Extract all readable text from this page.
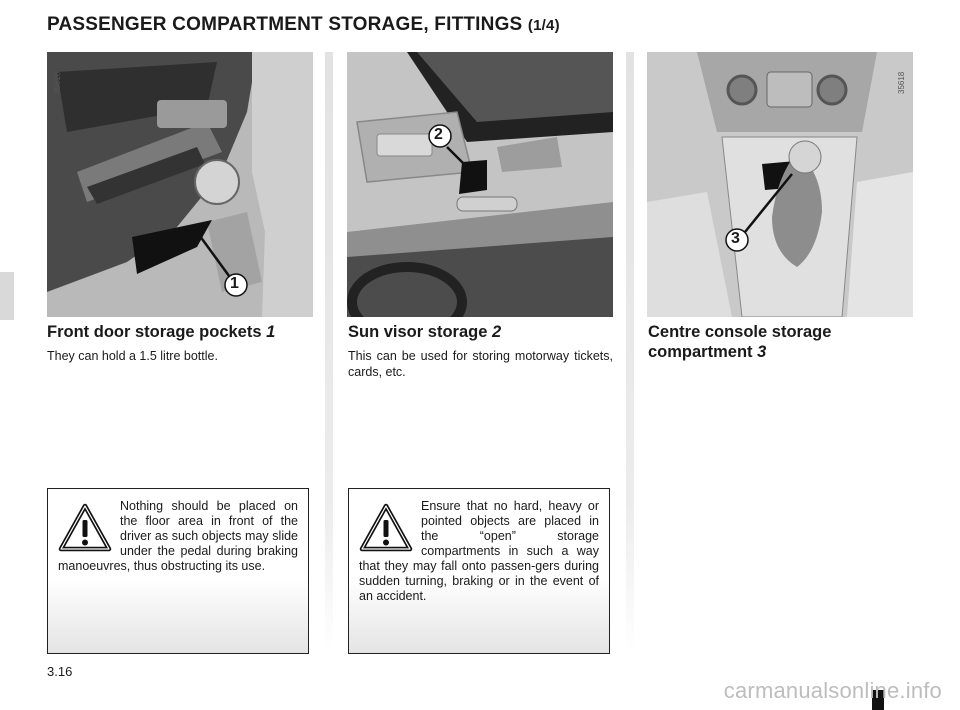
PASSENGER COMPARTMENT STORAGE, FITTINGS (1/4)
1
35616
2
35617
3
35618
Front door storage pockets 1

They can hold a 1.5 litre bottle.

Sun visor storage 2

This can be used for storing motorway tickets, cards, etc.

Centre console storage compartment 3

Nothing should be placed on the floor area in front of the driver as such objects may slide under the pedal during braking manoeuvres, thus obstructing its use.

Ensure that no hard, heavy or pointed objects are placed in the “open” storage compartments in such a way that they may fall onto passen-gers during sudden turning, braking or in the event of an accident.

3.16

carmanualsonline.info
